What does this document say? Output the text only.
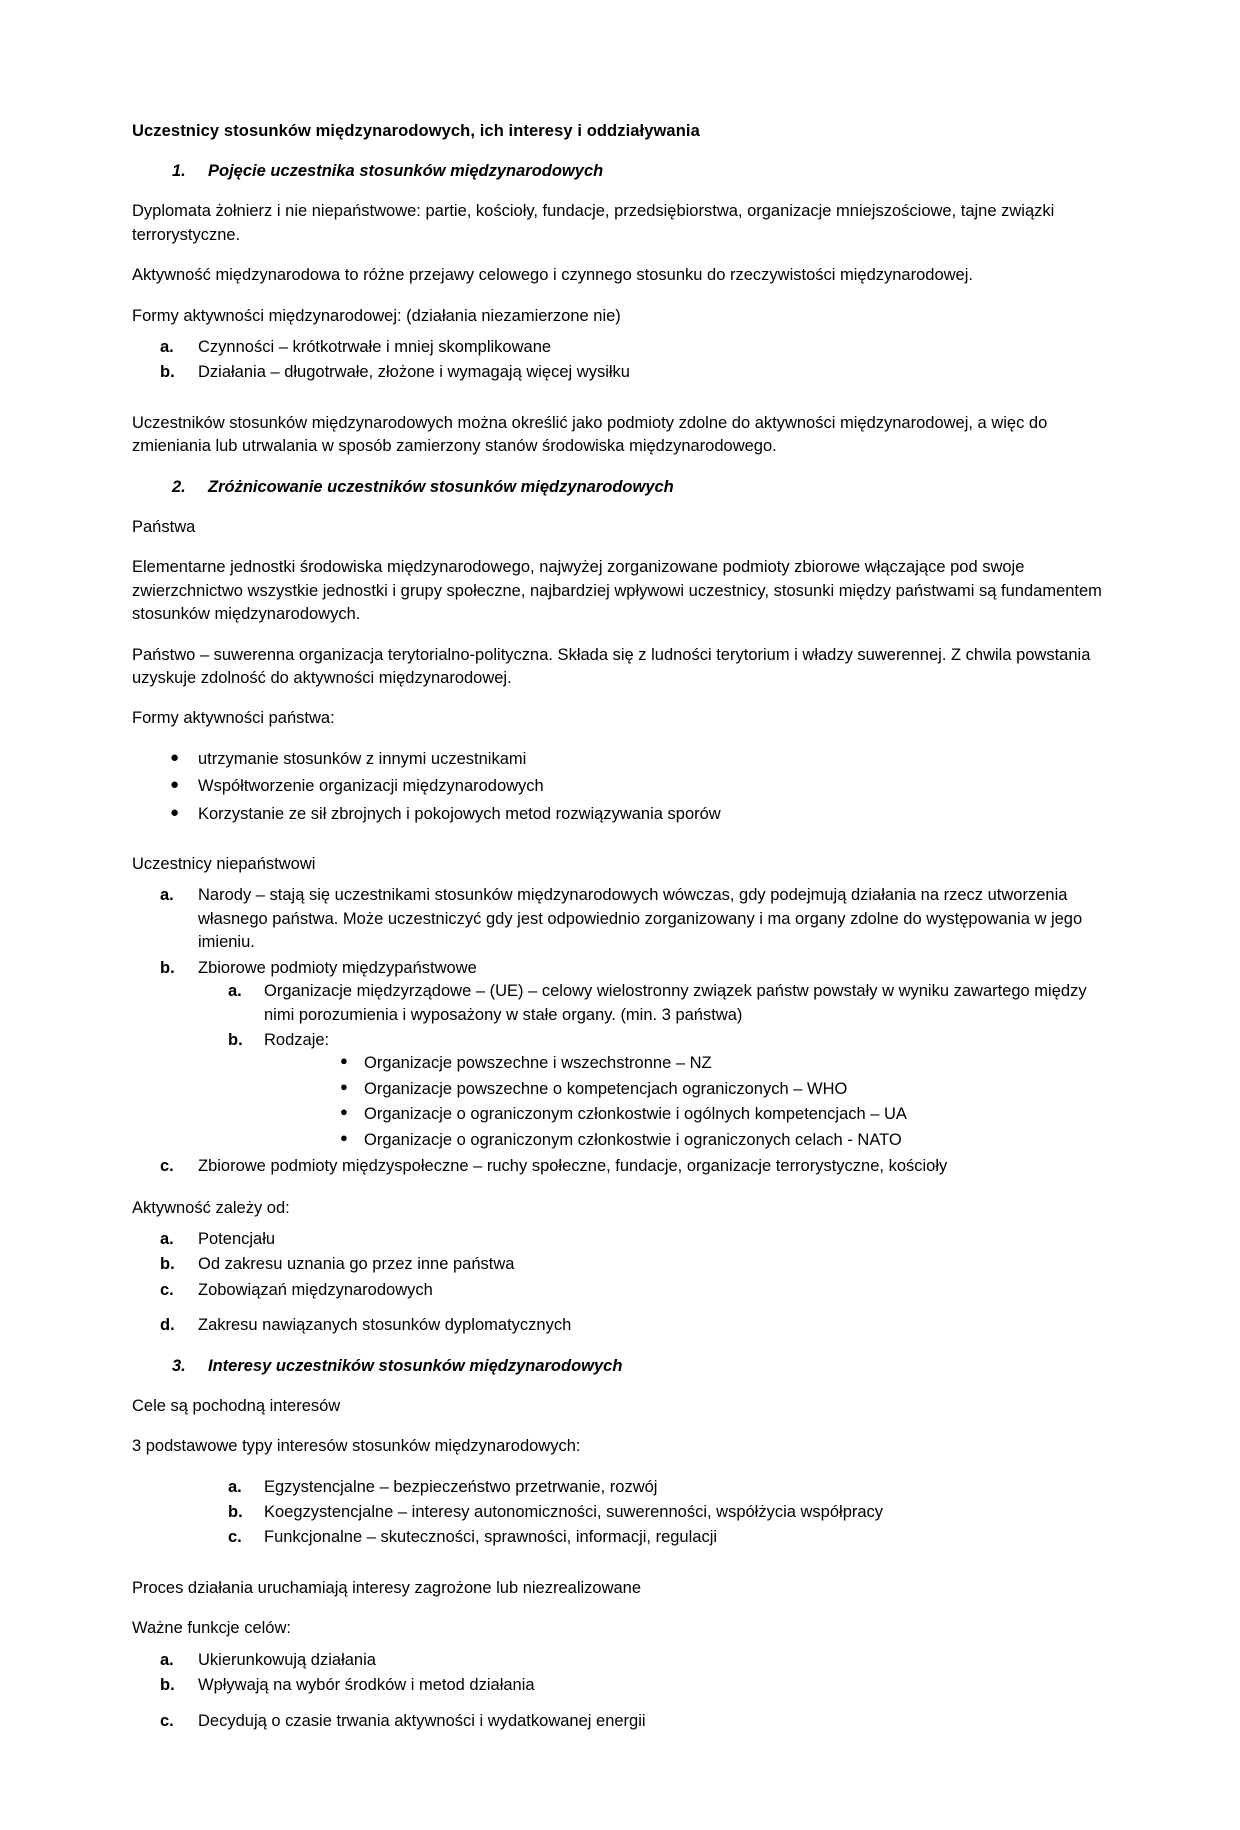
Uczestnicy stosunków międzynarodowych, ich interesy i oddziaływania
1.	Pojęcie uczestnika stosunków międzynarodowych

Dyplomata żołnierz i nie niepaństwowe: partie, kościoły, fundacje, przedsiębiorstwa, organizacje mniejszościowe, tajne związki terrorystyczne.

Aktywność międzynarodowa to różne przejawy celowego i czynnego stosunku do rzeczywistości międzynarodowej.

Formy aktywności międzynarodowej: (działania niezamierzone nie)

a.	Czynności – krótkotrwałe i mniej skomplikowane
b.	Działania – długotrwałe, złożone i wymagają więcej wysiłku

Uczestników stosunków międzynarodowych można określić jako podmioty zdolne do aktywności międzynarodowej, a więc do zmieniania lub utrwalania w sposób zamierzony stanów środowiska międzynarodowego.

2.	Zróżnicowanie uczestników stosunków międzynarodowych

Państwa

Elementarne jednostki środowiska międzynarodowego, najwyżej zorganizowane podmioty zbiorowe włączające pod swoje zwierzchnictwo wszystkie jednostki i grupy społeczne, najbardziej wpływowi uczestnicy, stosunki między państwami są fundamentem stosunków międzynarodowych.

Państwo – suwerenna organizacja terytorialno-polityczna. Składa się z ludności terytorium i władzy suwerennej. Z chwila powstania uzyskuje zdolność do aktywności międzynarodowej.

Formy aktywności państwa:

● utrzymanie stosunków z innymi uczestnikami
● Współtworzenie organizacji międzynarodowych
● Korzystanie ze sił zbrojnych i pokojowych metod rozwiązywania sporów

Uczestnicy niepaństwowi

a.	Narody – stają się uczestnikami stosunków międzynarodowych wówczas, gdy podejmują działania na rzecz utworzenia własnego państwa. Może uczestniczyć gdy jest odpowiednio zorganizowany i ma organy zdolne do występowania w jego imieniu.
b.	Zbiorowe podmioty międzypaństwowe
a.	Organizacje międzyrządowe – (UE) – celowy wielostronny związek państw powstały w wyniku zawartego między nimi porozumienia i wyposażony w stałe organy. (min. 3 państwa)
b.	Rodzaje:
● Organizacje powszechne i wszechstronne – NZ
● Organizacje powszechne o kompetencjach ograniczonych – WHO
● Organizacje o ograniczonym członkostwie i ogólnych kompetencjach – UA
● Organizacje o ograniczonym członkostwie i ograniczonych celach - NATO
c.	Zbiorowe podmioty międzyspołeczne – ruchy społeczne, fundacje, organizacje terrorystyczne, kościoły

Aktywność zależy od:

a.	Potencjału
b.	Od zakresu uznania go przez inne państwa
c.	Zobowiązań międzynarodowych
d.	Zakresu nawiązanych stosunków dyplomatycznych
3.	Interesy uczestników stosunków międzynarodowych

Cele są pochodną interesów

3 podstawowe typy interesów stosunków międzynarodowych:

a.	Egzystencjalne – bezpieczeństwo przetrwanie, rozwój
b.	Koegzystencjalne – interesy autonomiczności, suwerenności, współżycia współpracy
c.	Funkcjonalne – skuteczności, sprawności, informacji, regulacji

Proces działania uruchamiają interesy zagrożone lub niezrealizowane

Ważne funkcje celów:

a.	Ukierunkowują działania
b.	Wpływają na wybór środków i metod działania
c.	Decydują o czasie trwania aktywności i wydatkowanej energii
